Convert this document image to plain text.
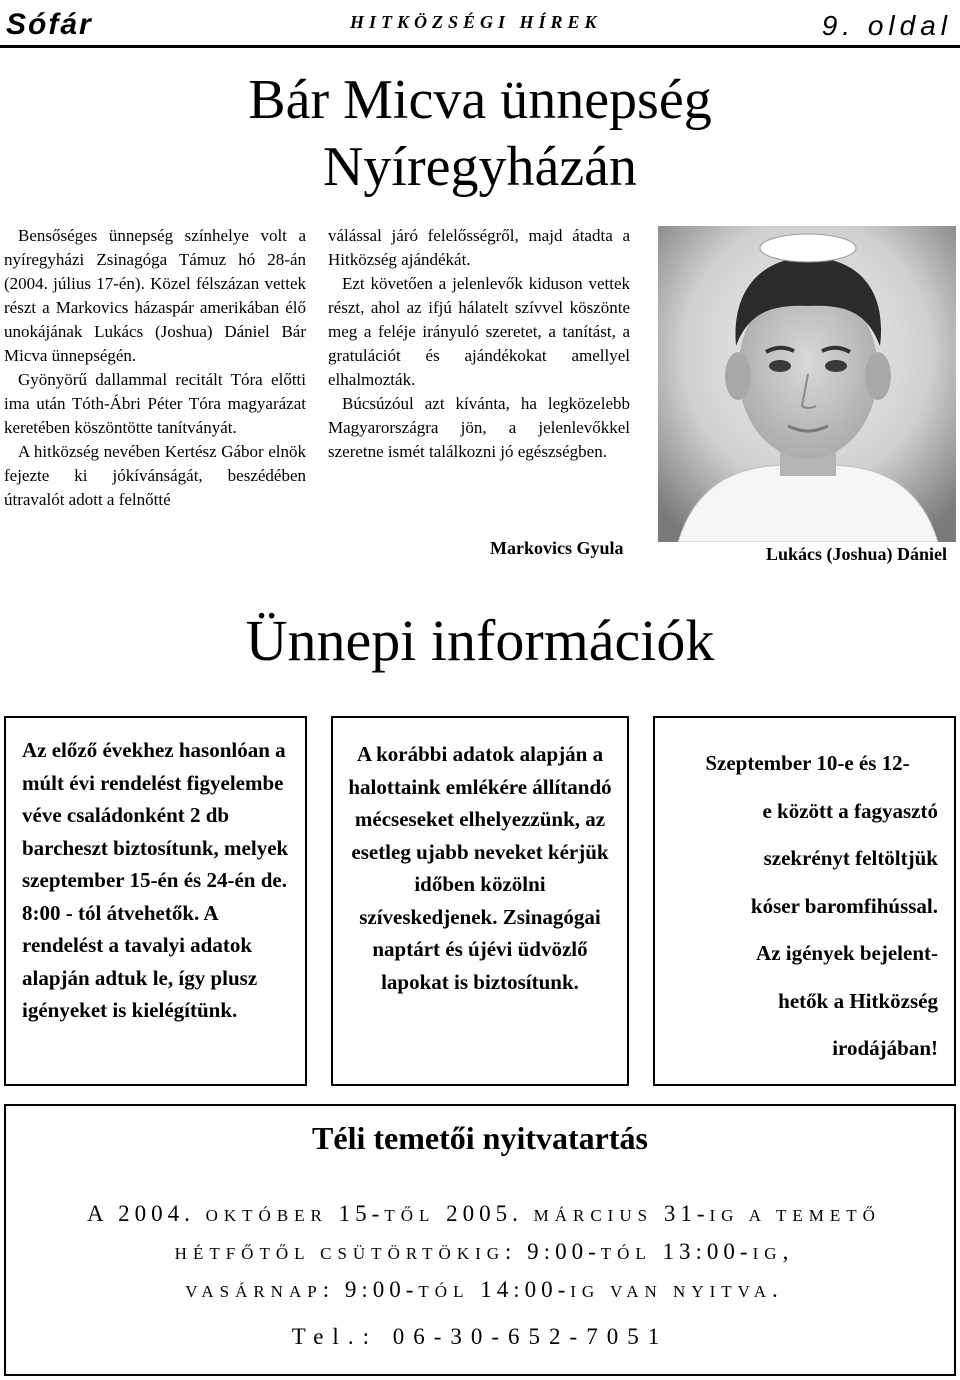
Sófár	HITKÖZSÉGI HÍREK	9. oldal
Bár Micva ünnepség
Nyíregyházán

Bensőséges ünnepség színhelye volt a nyíregyházi Zsinagóga Támuz hó 28-án (2004. július 17-én). Közel félszázan vettek részt a Markovics házaspár amerikában élő unokájának Lukács (Joshua) Dániel Bár Micva ünnepségén.

Gyönyörű dallammal recitált Tóra előtti ima után Tóth-Ábri Péter Tóra magyarázat keretében köszöntötte tanítványát.

A hitközség nevében Kertész Gábor elnök fejezte ki jókívánságát, beszédében útravalót adott a felnőtté

válással járó felelősségről, majd átadta a Hitközség ajándékát.

Ezt követően a jelenlevők kiduson vettek részt, ahol az ifjú hálatelt szívvel köszönte meg a feléje irányuló szeretet, a tanítást, a gratulációt és ajándékokat amellyel elhalmozták.

Búcsúzóul azt kívánta, ha legközelebb Magyarországra jön, a jelenlevőkkel szeretne ismét találkozni jó egészségben.

Markovics Gyula	Lukács (Joshua) Dániel
Ünnepi információk
Az előző évekhez hasonlóan a múlt évi rendelést figyelembe véve családonként 2 db barcheszt biztosítunk, melyek szeptember 15-én és 24-én de. 8:00 - tól átvehetők. A rendelést a tavalyi adatok alapján adtuk le, így plusz igényeket is kielégítünk.
A korábbi adatok alapján a halottaink emlékére állítandó mécseseket elhelyezzünk, az esetleg ujabb neveket kérjük időben közölni szíveskedjenek. Zsinagógai naptárt és újévi üdvözlő lapokat is biztosítunk.
Szeptember 10-e és 12-
e között a fagyasztó
szekrényt feltöltjük
kóser baromfihússal.
Az igények bejelent-
hetők a Hitközség
irodájában!
Téli temetői nyitvatartás
A 2004. OKTÓBER 15-TŐL 2005. MÁRCIUS 31-IG A TEMETŐ
HÉTFŐTŐL CSÜTÖRTÖKIG: 9:00-TÓL 13:00-IG,
VASÁRNAP: 9:00-TÓL 14:00-IG VAN NYITVA.
Tel.: 06-30-652-7051
